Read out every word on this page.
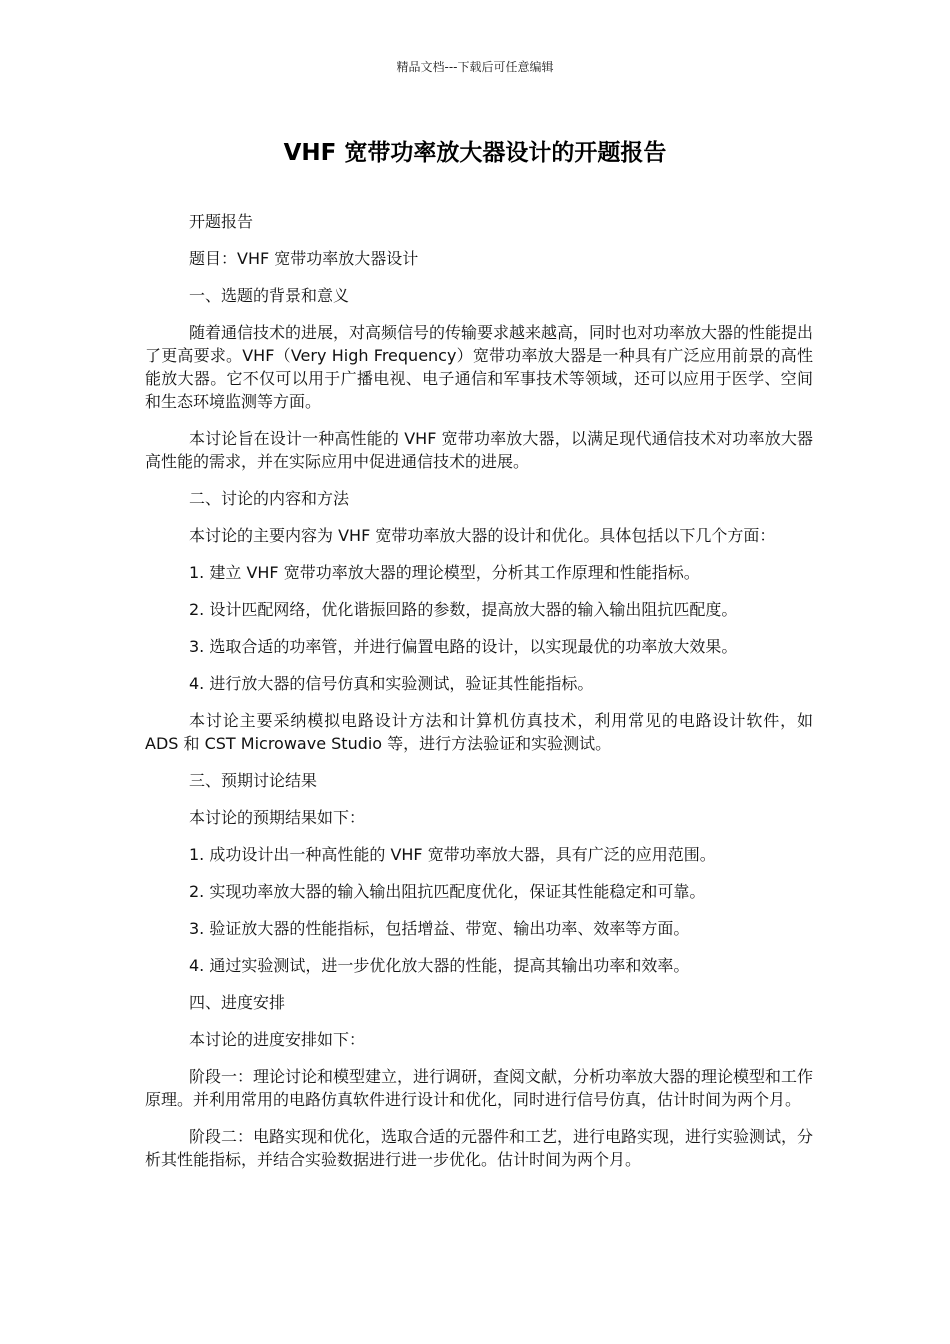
精品文档---下载后可任意编辑
VHF 宽带功率放大器设计的开题报告

开题报告

题目：VHF 宽带功率放大器设计

一、选题的背景和意义

随着通信技术的进展，对高频信号的传输要求越来越高，同时也对功率放大器的性能提出了更高要求。VHF（Very High Frequency）宽带功率放大器是一种具有广泛应用前景的高性能放大器。它不仅可以用于广播电视、电子通信和军事技术等领域，还可以应用于医学、空间和生态环境监测等方面。

本讨论旨在设计一种高性能的 VHF 宽带功率放大器，以满足现代通信技术对功率放大器高性能的需求，并在实际应用中促进通信技术的进展。

二、讨论的内容和方法

本讨论的主要内容为 VHF 宽带功率放大器的设计和优化。具体包括以下几个方面：

1. 建立 VHF 宽带功率放大器的理论模型，分析其工作原理和性能指标。

2. 设计匹配网络，优化谐振回路的参数，提高放大器的输入输出阻抗匹配度。

3. 选取合适的功率管，并进行偏置电路的设计，以实现最优的功率放大效果。

4. 进行放大器的信号仿真和实验测试，验证其性能指标。

本讨论主要采纳模拟电路设计方法和计算机仿真技术，利用常见的电路设计软件，如 ADS 和 CST Microwave Studio 等，进行方法验证和实验测试。

三、预期讨论结果

本讨论的预期结果如下：

1. 成功设计出一种高性能的 VHF 宽带功率放大器，具有广泛的应用范围。

2. 实现功率放大器的输入输出阻抗匹配度优化，保证其性能稳定和可靠。

3. 验证放大器的性能指标，包括增益、带宽、输出功率、效率等方面。

4. 通过实验测试，进一步优化放大器的性能，提高其输出功率和效率。

四、进度安排

本讨论的进度安排如下：

阶段一：理论讨论和模型建立，进行调研，查阅文献，分析功率放大器的理论模型和工作原理。并利用常用的电路仿真软件进行设计和优化，同时进行信号仿真，估计时间为两个月。

阶段二：电路实现和优化，选取合适的元器件和工艺，进行电路实现，进行实验测试，分析其性能指标，并结合实验数据进行进一步优化。估计时间为两个月。
